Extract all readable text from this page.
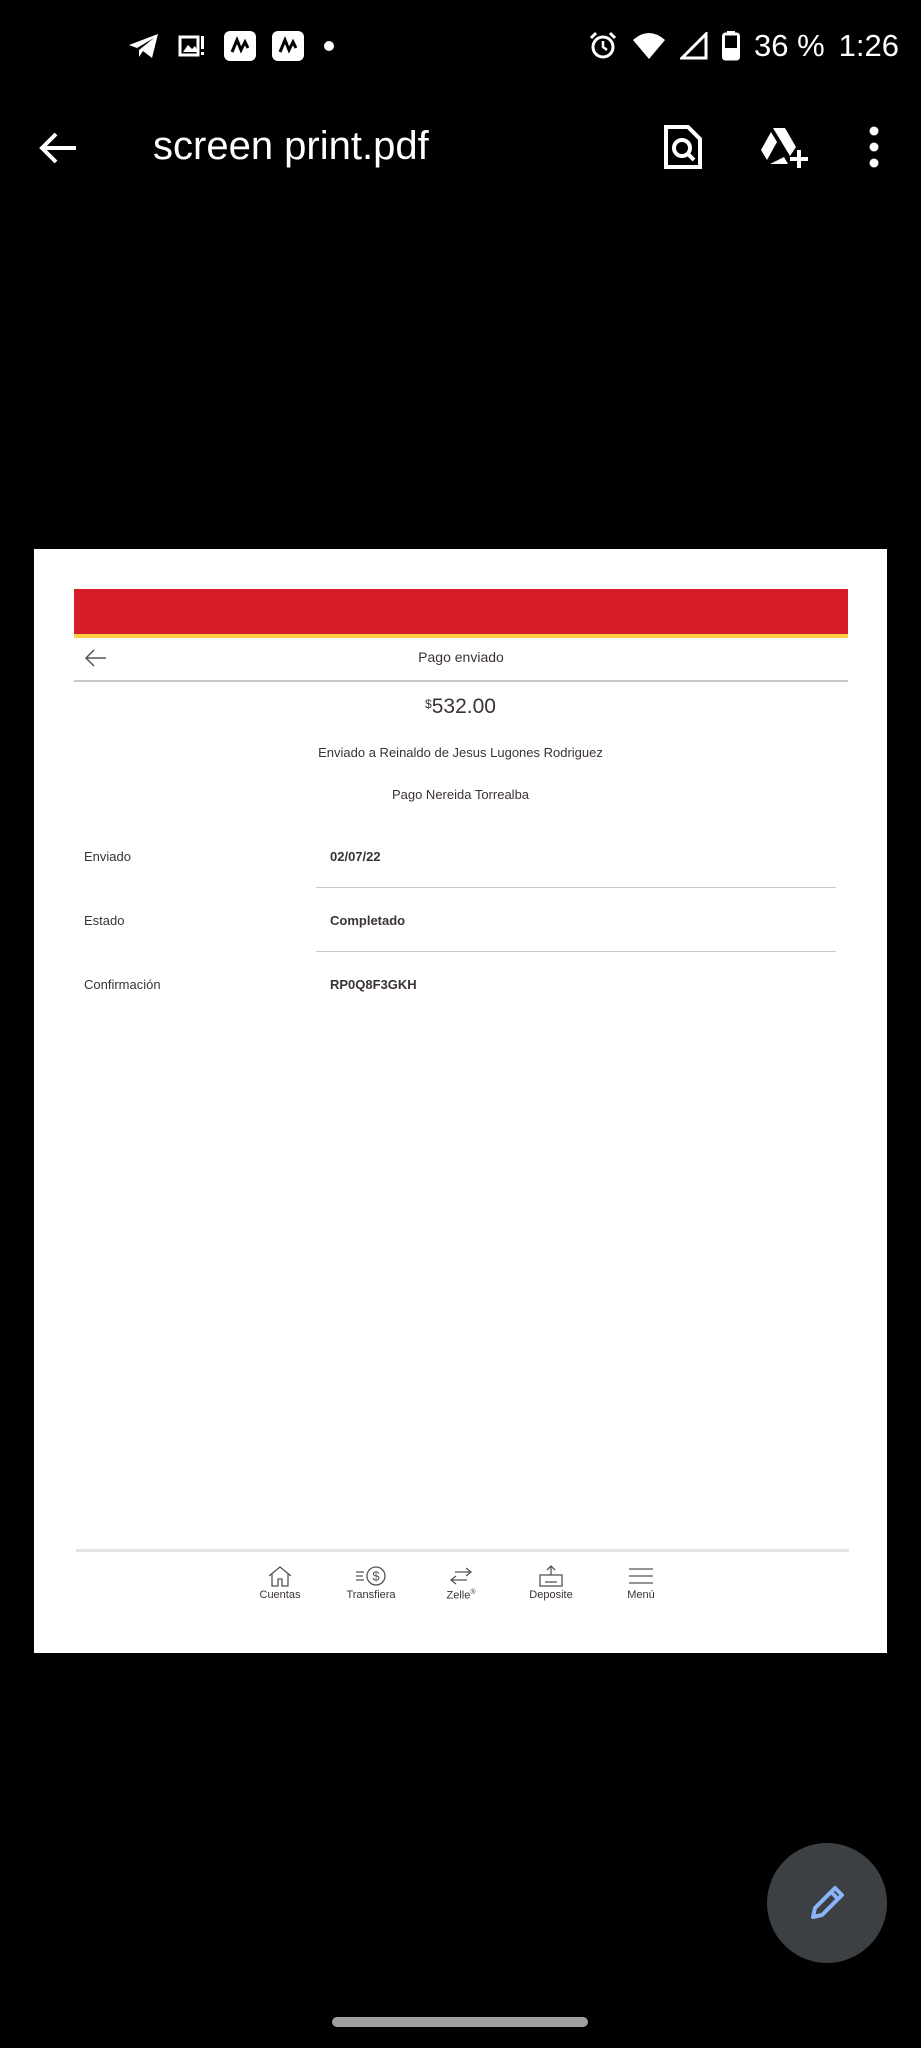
36 % 1:26
screen print.pdf
Pago enviado
$532.00
Enviado a Reinaldo de Jesus Lugones Rodriguez
Pago Nereida Torrealba
Enviado	02/07/22
Estado	Completado
Confirmación	RP0Q8F3GKH
Cuentas
$
Transfiera	Zelle®	Deposite	Menú
